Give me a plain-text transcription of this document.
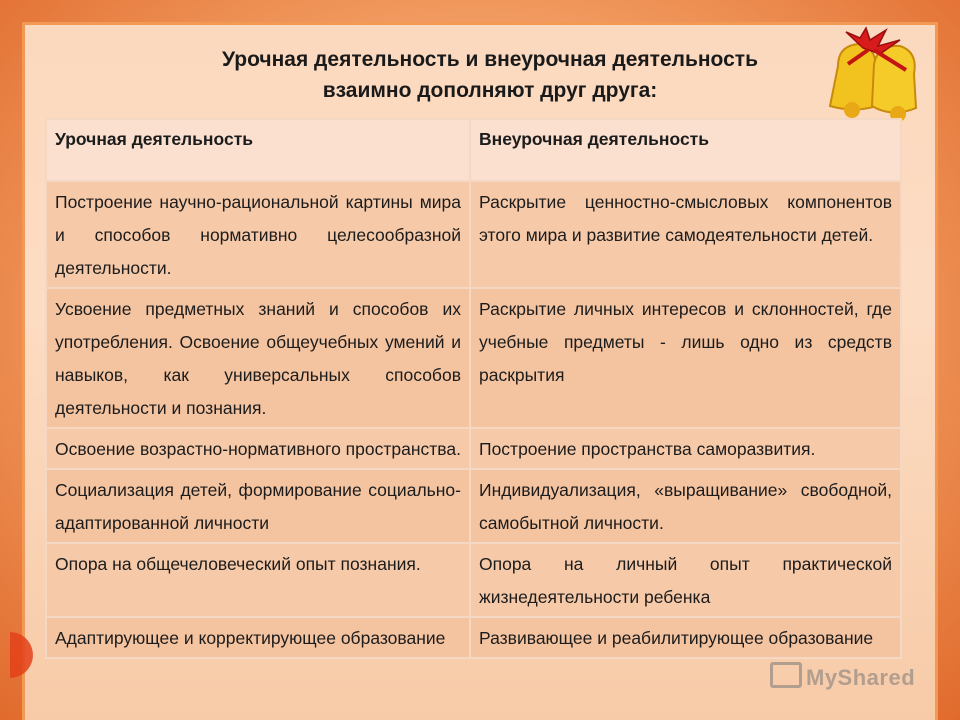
Урочная деятельность и внеурочная деятельность
взаимно дополняют друг друга:
Урочная деятельность	Внеурочная деятельность
Построение научно-рациональной картины мира и способов нормативно целесообразной деятельности.	Раскрытие ценностно-смысловых компонентов этого мира и развитие самодеятельности детей.
Усвоение предметных знаний и способов их употребления. Освоение общеучебных умений и навыков, как универсальных способов деятельности и познания.	Раскрытие личных интересов и склонностей, где учебные предметы - лишь одно из средств раскрытия
Освоение возрастно-нормативного пространства.	Построение пространства саморазвития.
Социализация детей, формирование социально-адаптированной личности	Индивидуализация, «выращивание» свободной, самобытной личности.
Опора на общечеловеческий опыт познания.	Опора на личный опыт практической жизнедеятельности ребенка
Адаптирующее и корректирующее образование	Развивающее и реабилитирующее образование
MyShared
